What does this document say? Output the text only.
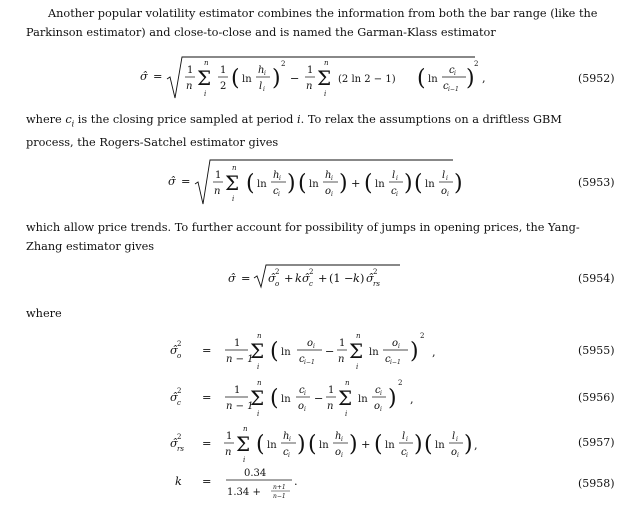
Another popular volatility estimator combines the information from both the bar range (like the Parkinson estimator) and close-to-close and is named the Garman-Klass estimator
σ̂ = 1
n
n
Σ
i
1
2 ( ln
h i
l i )
2
−
1
n
n
Σ
i
(2 ln 2 − 1) ( ln
c i
c i−1 )
2
,	(5952)
where $c_i$ is the closing price sampled at period i. To relax the assumptions on a driftless GBM process, the Rogers-Satchel estimator gives
σ̂ = 1
n
n
Σ
i
( ln
h i
c i ) ( ln
h i
o i ) + ( ln
l i
c i ) ( ln
l i
o i )	(5953)
which allow price trends. To further account for possibility of jumps in opening prices, the Yang-Zhang estimator gives
σ̂ = σ̂ 2
o + k σ̂ 2
c + (1 − k ) σ̂ 2
rs	(5954)
where
σ̂ 2
o =
1
n − 1
n
Σ
i
( ln
o i
c i−1
−
1
n
n
Σ
i
ln
o i
c i−1 )
2
,	(5955)
σ̂ 2
c =
1
n − 1
n
Σ
i
( ln
c i
o i
−
1
n
n
Σ
i
ln
c i
o i )
2
,	(5956)
σ̂ 2
rs =
1
n
n
Σ
i
( ln
h i
c i ) ( ln
h i
o i ) + ( ln
l i
c i ) ( ln
l i
o i ) ,	(5957)
k =
0.34
1.34 + n+1
n−1
.	(5958)
